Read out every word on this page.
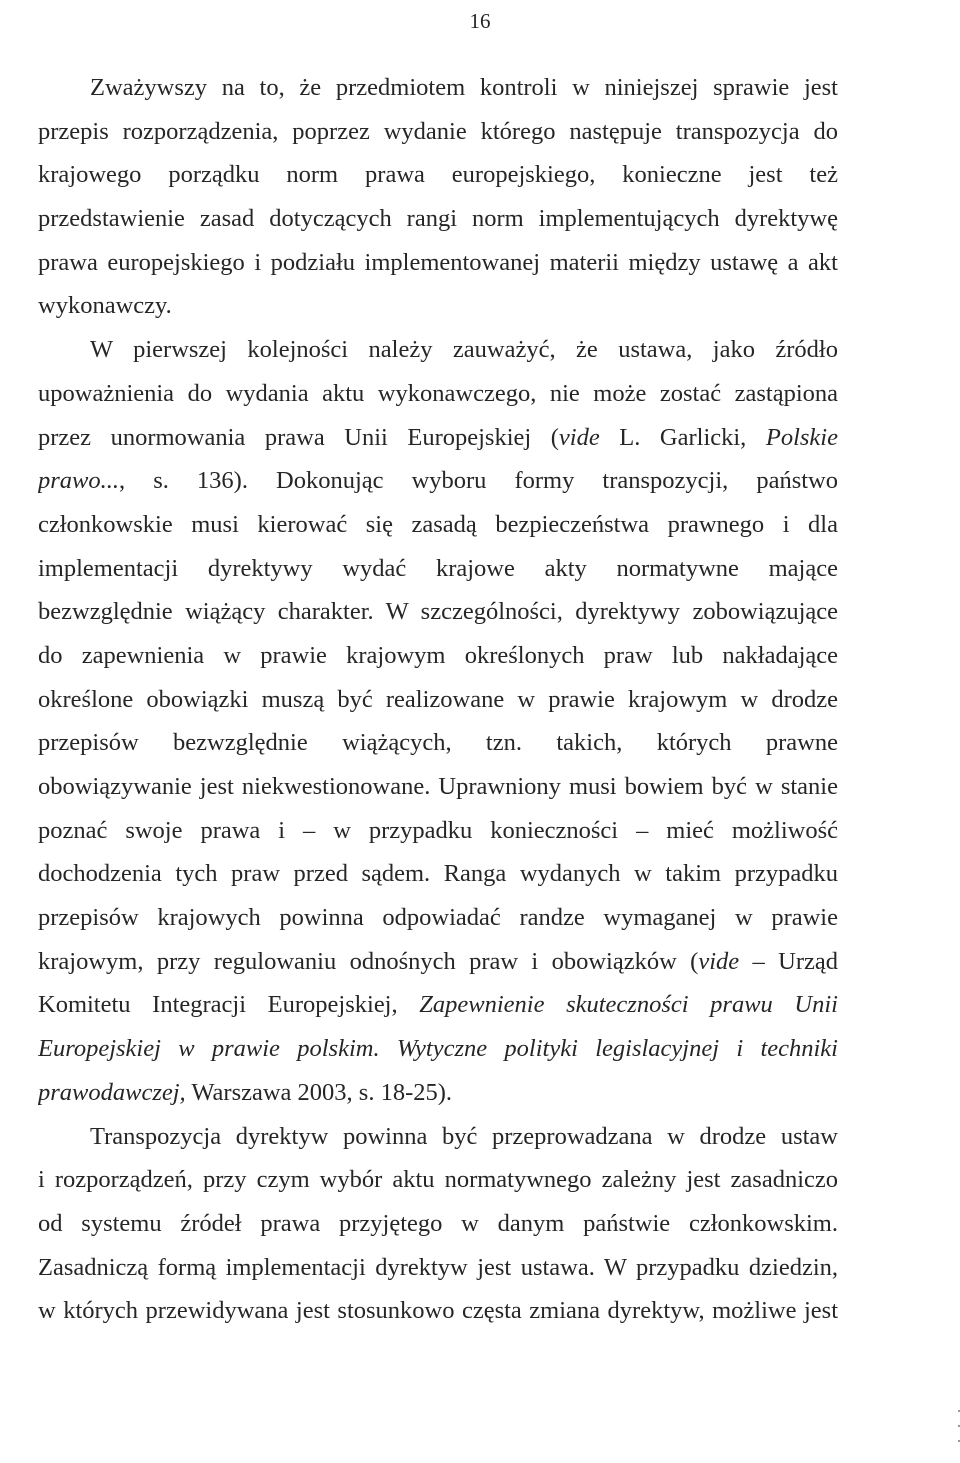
16
Zważywszy na to, że przedmiotem kontroli w niniejszej sprawie jest
przepis rozporządzenia, poprzez wydanie którego następuje transpozycja do
krajowego porządku norm prawa europejskiego, konieczne jest też
przedstawienie zasad dotyczących rangi norm implementujących dyrektywę
prawa europejskiego i podziału implementowanej materii między ustawę a akt
wykonawczy.
W pierwszej kolejności należy zauważyć, że ustawa, jako źródło
upoważnienia do wydania aktu wykonawczego, nie może zostać zastąpiona
przez unormowania prawa Unii Europejskiej (vide L. Garlicki, Polskie
prawo..., s. 136). Dokonując wyboru formy transpozycji, państwo
członkowskie musi kierować się zasadą bezpieczeństwa prawnego i dla
implementacji dyrektywy wydać krajowe akty normatywne mające
bezwzględnie wiążący charakter. W szczególności, dyrektywy zobowiązujące
do zapewnienia w prawie krajowym określonych praw lub nakładające
określone obowiązki muszą być realizowane w prawie krajowym w drodze
przepisów bezwzględnie wiążących, tzn. takich, których prawne
obowiązywanie jest niekwestionowane. Uprawniony musi bowiem być w stanie
poznać swoje prawa i – w przypadku konieczności – mieć możliwość
dochodzenia tych praw przed sądem. Ranga wydanych w takim przypadku
przepisów krajowych powinna odpowiadać randze wymaganej w prawie
krajowym, przy regulowaniu odnośnych praw i obowiązków (vide – Urząd
Komitetu Integracji Europejskiej, Zapewnienie skuteczności prawu Unii
Europejskiej w prawie polskim. Wytyczne polityki legislacyjnej i techniki
prawodawczej, Warszawa 2003, s. 18-25).
Transpozycja dyrektyw powinna być przeprowadzana w drodze ustaw
i rozporządzeń, przy czym wybór aktu normatywnego zależny jest zasadniczo
od systemu źródeł prawa przyjętego w danym państwie członkowskim.
Zasadniczą formą implementacji dyrektyw jest ustawa. W przypadku dziedzin,
w których przewidywana jest stosunkowo częsta zmiana dyrektyw, możliwe jest
